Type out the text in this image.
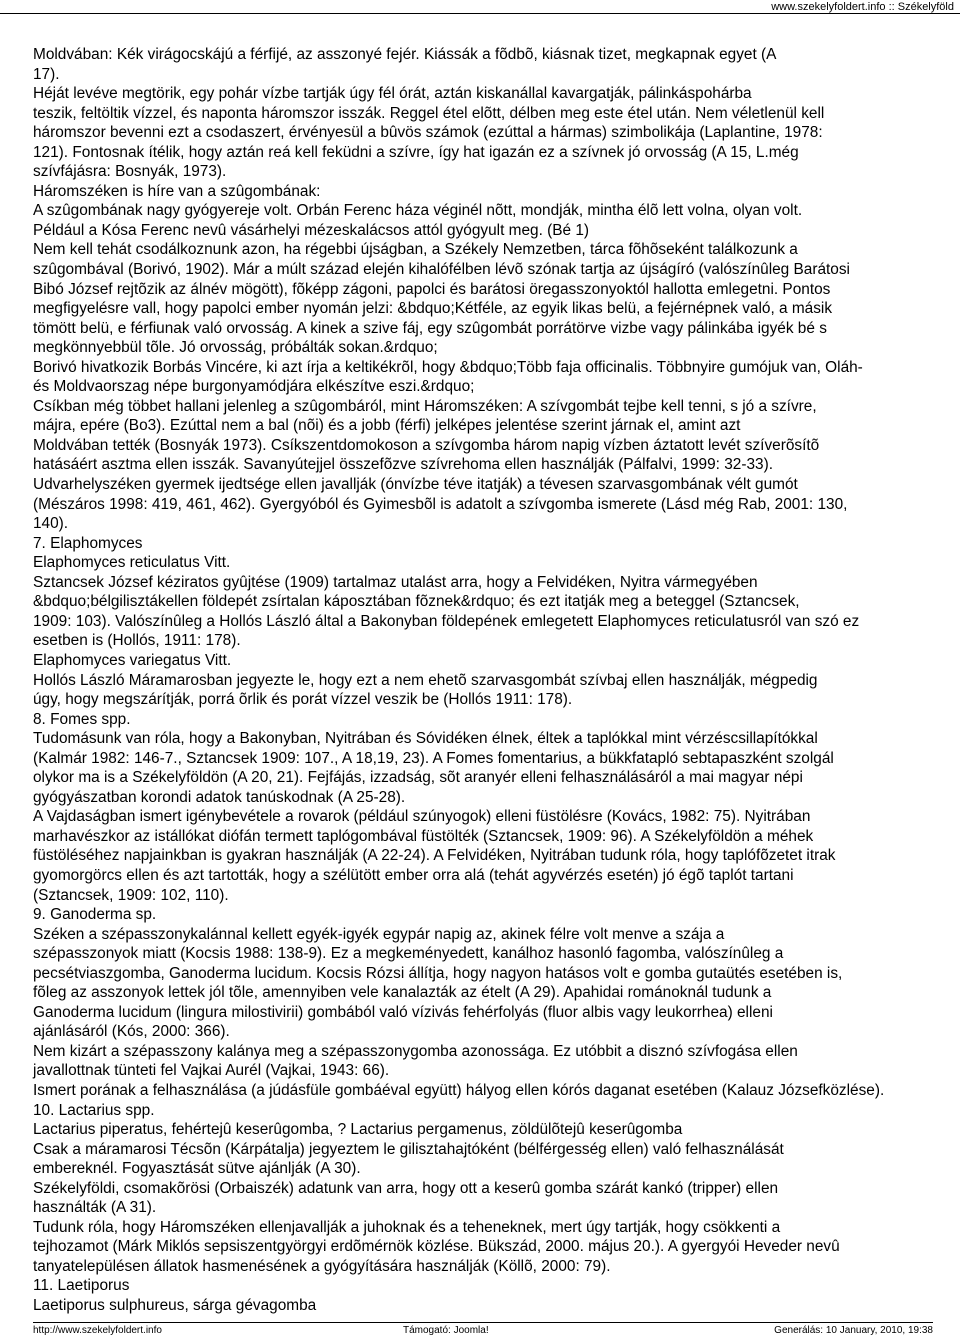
www.szekelyfoldert.info :: Székelyföld
Moldvában: Kék virágocskájú a férfijé, az asszonyé fejér. Kiássák a fõdbõ, kiásnak tizet, megkapnak egyet (A
17).
Héját levéve megtörik, egy pohár vízbe tartják úgy fél órát, aztán kiskanállal kavargatják, pálinkáspohárba
teszik, feltöltik vízzel, és naponta háromszor isszák. Reggel étel elõtt, délben meg este étel után. Nem véletlenül kell
háromszor bevenni ezt a csodaszert, érvényesül a bûvös számok (ezúttal a hármas) szimbolikája (Laplantine, 1978:
121). Fontosnak ítélik, hogy aztán reá kell feküdni a szívre, így hat igazán ez a szívnek jó orvosság (A 15, L.még
szívfájásra: Bosnyák, 1973).
Háromszéken is híre van a szûgombának:
A szûgombának nagy gyógyereje volt. Orbán Ferenc háza véginél nõtt, mondják, mintha élõ lett volna, olyan volt.
Például a Kósa Ferenc nevû vásárhelyi mézeskalácsos attól gyógyult meg. (Bé 1)
Nem kell tehát csodálkoznunk azon, ha régebbi újságban, a Székely Nemzetben, tárca fõhõseként találkozunk a
szûgombával (Borivó, 1902). Már a múlt század elején kihalófélben lévõ szónak tartja az újságíró (valószínûleg Barátosi
Bibó József rejtõzik az álnév mögött), fõképp zágoni, papolci és barátosi öregasszonyoktól hallotta emlegetni. Pontos
megfigyelésre vall, hogy papolci ember nyomán jelzi: &bdquo;Kétféle, az egyik likas belü, a fejérnépnek való, a másik
tömött belü, e férfiunak való orvosság. A kinek a szive fáj, egy szûgombát porrátörve vizbe vagy pálinkába igyék bé s
megkönnyebbül tõle. Jó orvosság, próbálták sokan.&rdquo;
Borivó hivatkozik Borbás Vincére, ki azt írja a keltikékrõl, hogy &bdquo;Több faja officinalis. Többnyire gumójuk van, Oláh-
és Moldvaorszag népe burgonyamódjára elkészítve eszi.&rdquo;
Csíkban még többet hallani jelenleg a szûgombáról, mint Háromszéken: A szívgombát tejbe kell tenni, s jó a szívre,
májra, epére (Bo3). Ezúttal nem a bal (nõi) és a jobb (férfi) jelképes jelentése szerint járnak el, amint azt
Moldvában tették (Bosnyák 1973). Csíkszentdomokoson a szívgomba három napig vízben áztatott levét szíverõsítõ
hatásáért asztma ellen isszák. Savanyútejjel összefõzve szívrehoma ellen használják (Pálfalvi, 1999: 32-33).
Udvarhelyszéken gyermek ijedtsége ellen javallják (ónvízbe téve itatják) a tévesen szarvasgombának vélt gumót
(Mészáros 1998: 419, 461, 462). Gyergyóból és Gyimesbõl is adatolt a szívgomba ismerete (Lásd még Rab, 2001: 130,
140).
7. Elaphomyces
Elaphomyces reticulatus Vitt.
Sztancsek József kéziratos gyûjtése (1909) tartalmaz utalást arra, hogy a Felvidéken, Nyitra vármegyében
&bdquo;bélgilisztákellen földepét zsírtalan káposztában fõznek&rdquo; és ezt itatják meg a beteggel (Sztancsek,
1909: 103). Valószínûleg a Hollós László által a Bakonyban földepének emlegetett Elaphomyces reticulatusról van szó ez
esetben is (Hollós, 1911: 178).
Elaphomyces variegatus Vitt.
Hollós László Máramarosban jegyezte le, hogy ezt a nem ehetõ szarvasgombát szívbaj ellen használják, mégpedig
úgy, hogy megszárítják, porrá õrlik és porát vízzel veszik be (Hollós 1911: 178).
8. Fomes spp.
Tudomásunk van róla, hogy a Bakonyban, Nyitrában és Sóvidéken élnek, éltek a taplókkal mint vérzéscsillapítókkal
(Kalmár 1982: 146-7., Sztancsek 1909: 107., A 18,19, 23). A Fomes fomentarius, a bükkfatapló sebtapaszként szolgál
olykor ma is a Székelyföldön (A 20, 21). Fejfájás, izzadság, sõt aranyér elleni felhasználásáról a mai magyar népi
gyógyászatban korondi adatok tanúskodnak (A 25-28).
A Vajdaságban ismert igénybevétele a rovarok (például szúnyogok) elleni füstölésre (Kovács, 1982: 75). Nyitrában
marhavészkor az istállókat diófán termett taplógombával füstölték (Sztancsek, 1909: 96). A Székelyföldön a méhek
füstöléséhez napjainkban is gyakran használják (A 22-24). A Felvidéken, Nyitrában tudunk róla, hogy taplófõzetet itrak
gyomorgörcs ellen és azt tartották, hogy a szélütött ember orra alá (tehát agyvérzés esetén) jó égõ taplót tartani
(Sztancsek, 1909: 102, 110).
9. Ganoderma sp.
Széken a szépasszonykalánnal kellett egyék-igyék egypár napig az, akinek félre volt menve a szája a
szépasszonyok miatt (Kocsis 1988: 138-9). Ez a megkeményedett, kanálhoz hasonló fagomba, valószínûleg a
pecsétviaszgomba, Ganoderma lucidum. Kocsis Rózsi állítja, hogy nagyon hatásos volt e gomba gutaütés esetében is,
fõleg az asszonyok lettek jól tõle, amennyiben vele kanalazták az ételt (A 29). Apahidai románoknál tudunk a
Ganoderma lucidum (lingura milostivirii) gombából való vízivás fehérfolyás (fluor albis vagy leukorrhea) elleni
ajánlásáról (Kós, 2000: 366).
Nem kizárt a szépasszony kalánya meg a szépasszonygomba azonossága. Ez utóbbit a disznó szívfogása ellen
javallottnak tünteti fel Vajkai Aurél (Vajkai, 1943: 66).
Ismert porának a felhasználása (a júdásfüle gombáéval együtt) hályog ellen kórós daganat esetében (Kalauz Józsefközlése).
10. Lactarius spp.
Lactarius piperatus, fehértejû keserûgomba, ? Lactarius pergamenus, zöldülõtejû keserûgomba
Csak a máramarosi Técsõn (Kárpátalja) jegyeztem le gilisztahajtóként (bélférgesség ellen) való felhasználását
embereknél. Fogyasztását sütve ajánlják (A 30).
Székelyföldi, csomakõrösi (Orbaiszék) adatunk van arra, hogy ott a keserû gomba szárát kankó (tripper) ellen
használták (A 31).
Tudunk róla, hogy Háromszéken ellenjavallják a juhoknak és a teheneknek, mert úgy tartják, hogy csökkenti a
tejhozamot (Márk Miklós sepsiszentgyörgyi erdõmérnök közlése. Bükszád, 2000. május 20.). A gyergyói Heveder nevû
tanyatelepülésen állatok hasmenésének a gyógyítására használják (Köllõ, 2000: 79).
11. Laetiporus
Laetiporus sulphureus, sárga gévagomba
http://www.szekelyfoldert.info	Támogató: Joomla!	Generálás: 10 January, 2010, 19:38
